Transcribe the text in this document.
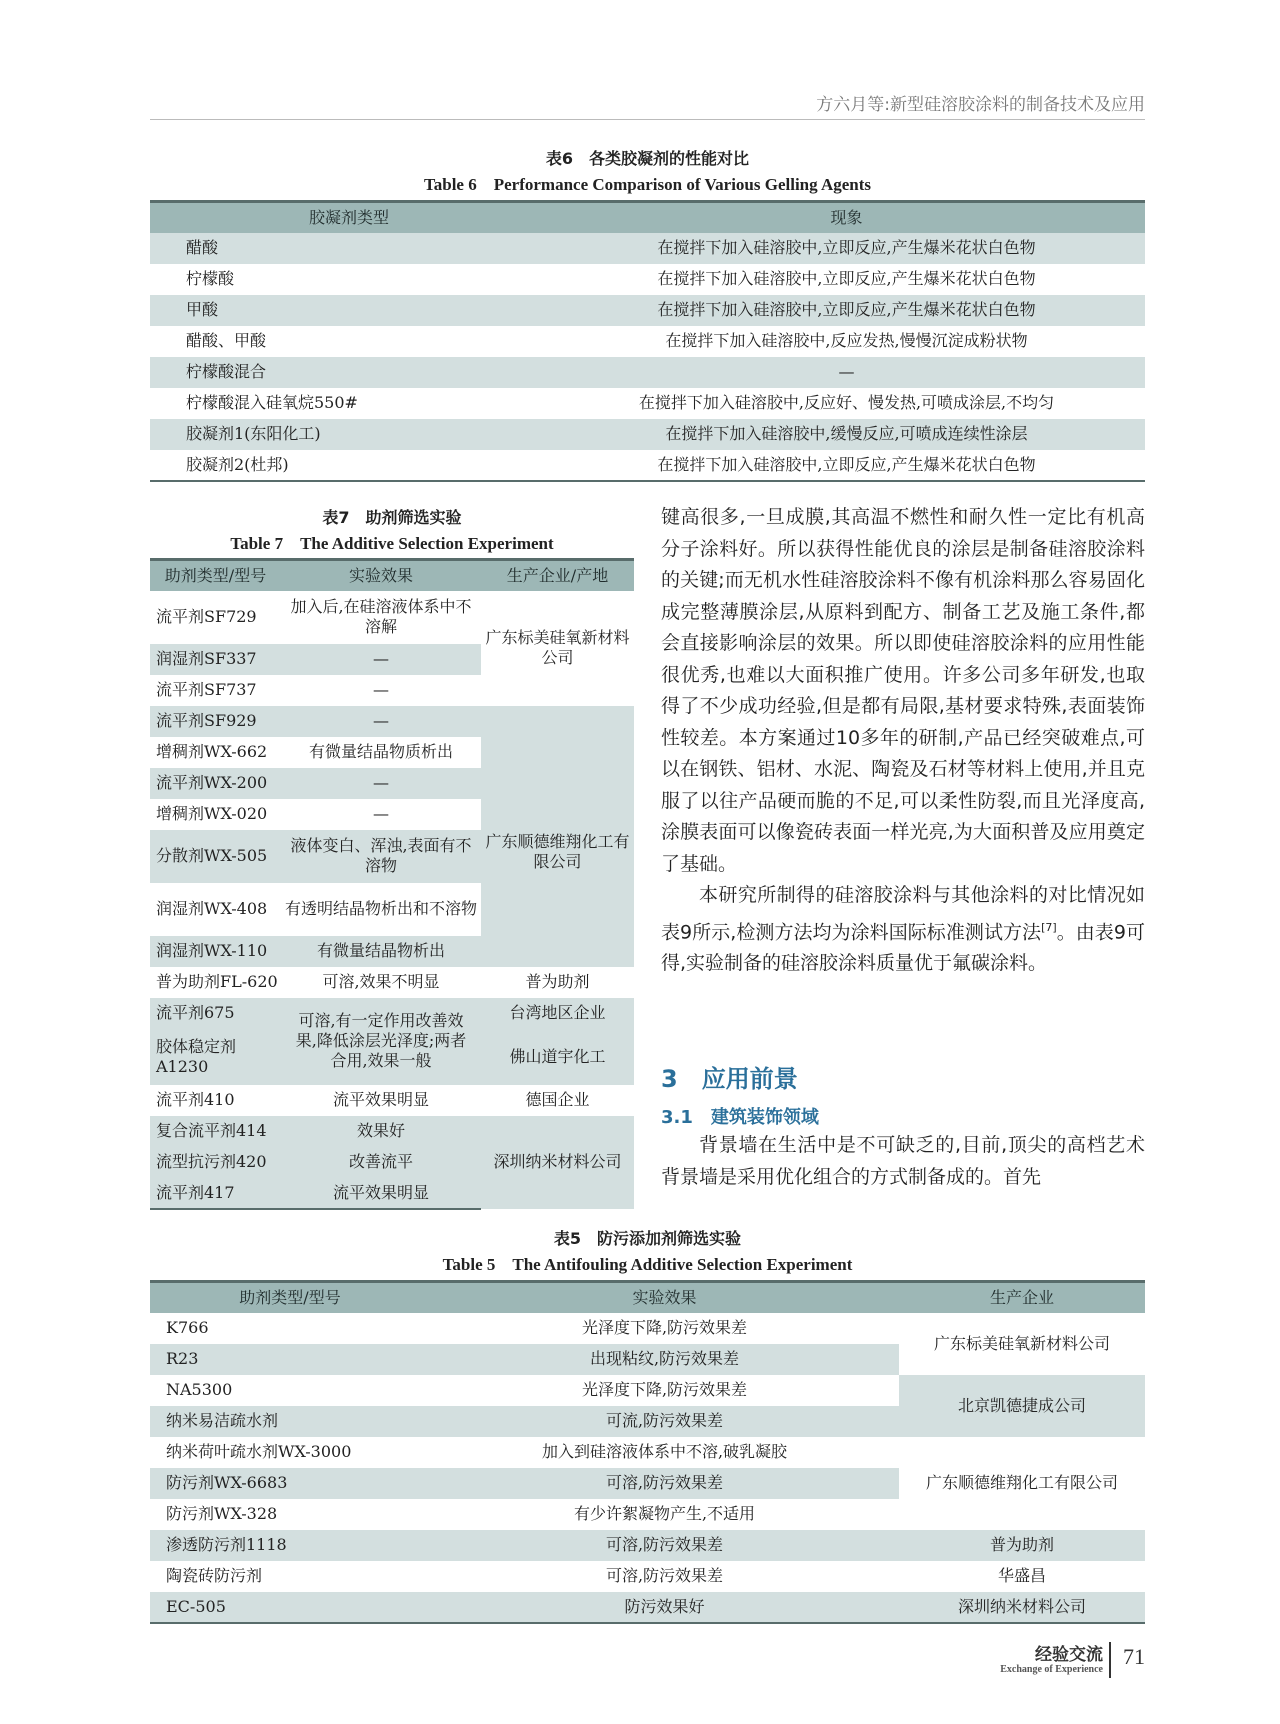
方六月等:新型硅溶胶涂料的制备技术及应用
表6　各类胶凝剂的性能对比
Table 6　Performance Comparison of Various Gelling Agents
胶凝剂类型	现象
醋酸	在搅拌下加入硅溶胶中,立即反应,产生爆米花状白色物
柠檬酸	在搅拌下加入硅溶胶中,立即反应,产生爆米花状白色物
甲酸	在搅拌下加入硅溶胶中,立即反应,产生爆米花状白色物
醋酸、甲酸	在搅拌下加入硅溶胶中,反应发热,慢慢沉淀成粉状物
柠檬酸混合	—
柠檬酸混入硅氧烷550#	在搅拌下加入硅溶胶中,反应好、慢发热,可喷成涂层,不均匀
胶凝剂1(东阳化工)	在搅拌下加入硅溶胶中,缓慢反应,可喷成连续性涂层
胶凝剂2(杜邦)	在搅拌下加入硅溶胶中,立即反应,产生爆米花状白色物
表7　助剂筛选实验
Table 7　The Additive Selection Experiment
助剂类型/型号	实验效果	生产企业/产地
流平剂SF729	加入后,在硅溶液体系中不溶解	广东标美硅氧新材料公司
润湿剂SF337	—	
流平剂SF737	—	
流平剂SF929	—	
增稠剂WX-662	有微量结晶物质析出	广东顺德维翔化工有限公司
流平剂WX-200	—	
增稠剂WX-020	—	
分散剂WX-505	液体变白、浑浊,表面有不溶物	
润湿剂WX-408	有透明结晶物析出和不溶物	
润湿剂WX-110	有微量结晶物析出	
普为助剂FL-620	可溶,效果不明显	普为助剂
流平剂675	可溶,有一定作用改善效果,降低涂层光泽度;两者合用,效果一般	台湾地区企业
胶体稳定剂A1230		佛山道宇化工
流平剂410	流平效果明显	德国企业
复合流平剂414	效果好	深圳纳米材料公司
流型抗污剂420	改善流平	
流平剂417	流平效果明显	

键高很多,一旦成膜,其高温不燃性和耐久性一定比有机高分子涂料好。所以获得性能优良的涂层是制备硅溶胶涂料的关键;而无机水性硅溶胶涂料不像有机涂料那么容易固化成完整薄膜涂层,从原料到配方、制备工艺及施工条件,都会直接影响涂层的效果。所以即使硅溶胶涂料的应用性能很优秀,也难以大面积推广使用。许多公司多年研发,也取得了不少成功经验,但是都有局限,基材要求特殊,表面装饰性较差。本方案通过10多年的研制,产品已经突破难点,可以在钢铁、铝材、水泥、陶瓷及石材等材料上使用,并且克服了以往产品硬而脆的不足,可以柔性防裂,而且光泽度高,涂膜表面可以像瓷砖表面一样光亮,为大面积普及应用奠定了基础。

本研究所制得的硅溶胶涂料与其他涂料的对比情况如表9所示,检测方法均为涂料国际标准测试方法[7]。由表9可得,实验制备的硅溶胶涂料质量优于氟碳涂料。

3　应用前景
3.1　建筑装饰领域

背景墙在生活中是不可缺乏的,目前,顶尖的高档艺术背景墙是采用优化组合的方式制备成的。首先

表5　防污添加剂筛选实验
Table 5　The Antifouling Additive Selection Experiment
助剂类型/型号	实验效果	生产企业
K766	光泽度下降,防污效果差	广东标美硅氧新材料公司
R23	出现粘纹,防污效果差	
NA5300	光泽度下降,防污效果差	北京凯德捷成公司
纳米易洁疏水剂	可流,防污效果差	
纳米荷叶疏水剂WX-3000	加入到硅溶液体系中不溶,破乳凝胶	广东顺德维翔化工有限公司
防污剂WX-6683	可溶,防污效果差	
防污剂WX-328	有少许絮凝物产生,不适用	
渗透防污剂1118	可溶,防污效果差	普为助剂
陶瓷砖防污剂	可溶,防污效果差	华盛昌
EC-505	防污效果好	深圳纳米材料公司
经验交流
Exchange of Experience
71
